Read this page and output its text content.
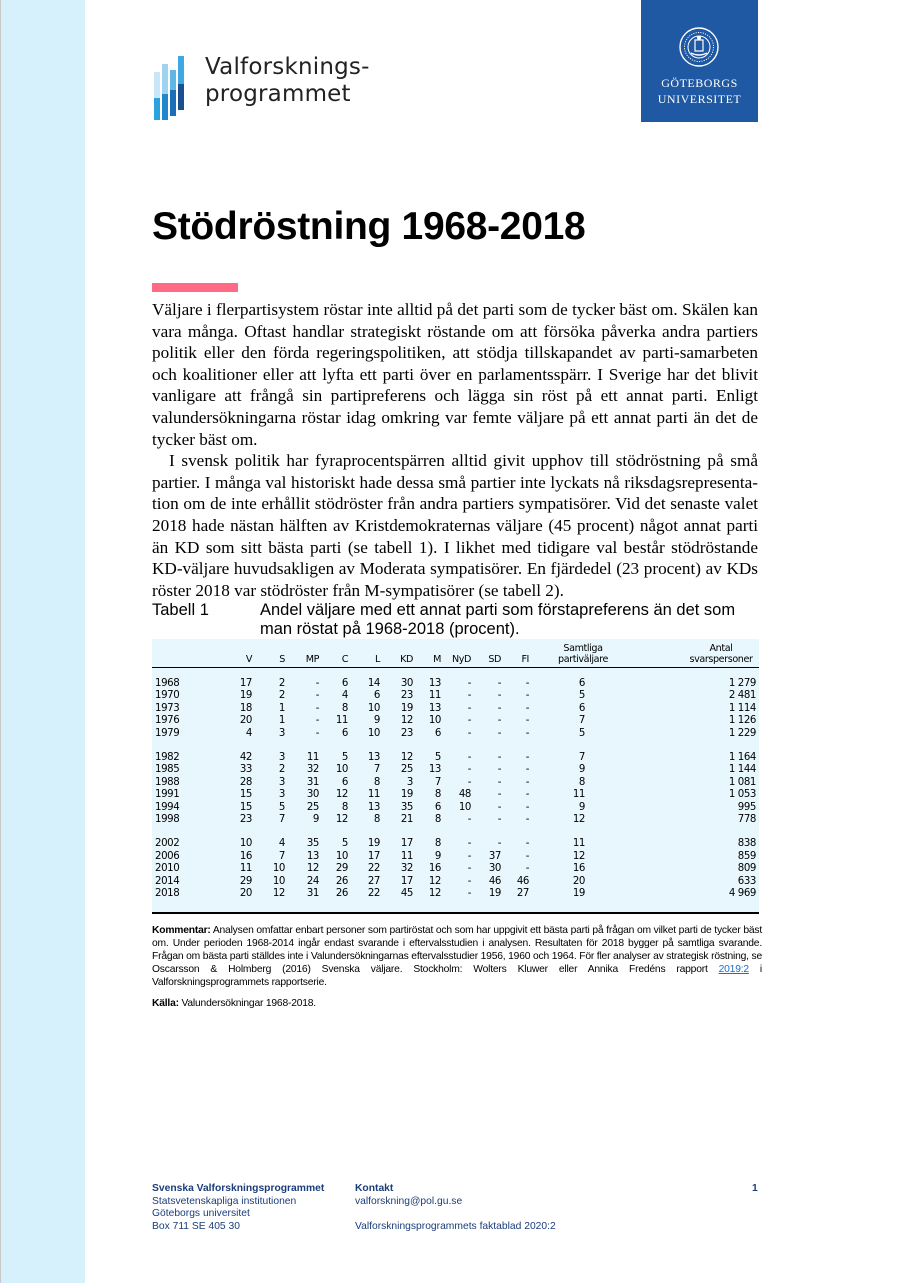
Valforsknings-
programmet	GÖTEBORGS
UNIVERSITET
Stödröstning 1968-2018

Väljare i flerpartisystem röstar inte alltid på det parti som de tycker bäst om. Skälen kan vara många. Oftast handlar strategiskt röstande om att försöka påverka andra partiers politik eller den förda regeringspolitiken, att stödja tillskapandet av parti-samarbeten och koalitioner eller att lyfta ett parti över en parlamentsspärr. I Sverige har det blivit vanligare att frångå sin partipreferens och lägga sin röst på ett annat parti. Enligt valundersökningarna röstar idag omkring var femte väljare på ett annat parti än det de tycker bäst om.

I svensk politik har fyraprocentspärren alltid givit upphov till stödröstning på små partier. I många val historiskt hade dessa små partier inte lyckats nå riksdagsrepresenta-tion om de inte erhållit stödröster från andra partiers sympatisörer. Vid det senaste valet 2018 hade nästan hälften av Kristdemokraternas väljare (45 procent) något annat parti än KD som sitt bästa parti (se tabell 1). I likhet med tidigare val består stödröstande KD-väljare huvudsakligen av Moderata sympatisörer. En fjärdedel (23 procent) av KDs röster 2018 var stödröster från M-sympatisörer (se tabell 2).

Tabell 1	Andel väljare med ett annat parti som förstapreferens än det som man röstat på 1968-2018 (procent).
	V	S	MP	C	L	KD	M	NyD	SD	FI	Samtliga partiväljare	Antal svarspersoner

1968	17	2	-	6	14	30	13	-	-	-	6	1 279
1970	19	2	-	4	6	23	11	-	-	-	5	2 481
1973	18	1	-	8	10	19	13	-	-	-	6	1 114
1976	20	1	-	11	9	12	10	-	-	-	7	1 126
1979	4	3	-	6	10	23	6	-	-	-	5	1 229

1982	42	3	11	5	13	12	5	-	-	-	7	1 164
1985	33	2	32	10	7	25	13	-	-	-	9	1 144
1988	28	3	31	6	8	3	7	-	-	-	8	1 081
1991	15	3	30	12	11	19	8	48	-	-	11	1 053
1994	15	5	25	8	13	35	6	10	-	-	9	995
1998	23	7	9	12	8	21	8	-	-	-	12	778

2002	10	4	35	5	19	17	8	-	-	-	11	838
2006	16	7	13	10	17	11	9	-	37	-	12	859
2010	11	10	12	29	22	32	16	-	30	-	16	809
2014	29	10	24	26	27	17	12	-	46	46	20	633
2018	20	12	31	26	22	45	12	-	19	27	19	4 969

Kommentar: Analysen omfattar enbart personer som partiröstat och som har uppgivit ett bästa parti på frågan om vilket parti de tycker bäst om. Under perioden 1968-2014 ingår endast svarande i eftervalsstudien i analysen. Resultaten för 2018 bygger på samtliga svarande. Frågan om bästa parti ställdes inte i Valundersökningarnas eftervalsstudier 1956, 1960 och 1964. För fler analyser av strategisk röstning, se Oscarsson & Holmberg (2016) Svenska väljare. Stockholm: Wolters Kluwer eller Annika Fredéns rapport 2019:2 i Valforskningsprogrammets rapportserie.

Källa: Valundersökningar 1968-2018.

Svenska Valforskningsprogrammet
Statsvetenskapliga institutionen
Göteborgs universitet
Box 711 SE 405 30
Kontakt
valforskning@pol.gu.se
Valforskningsprogrammets faktablad 2020:2
1
